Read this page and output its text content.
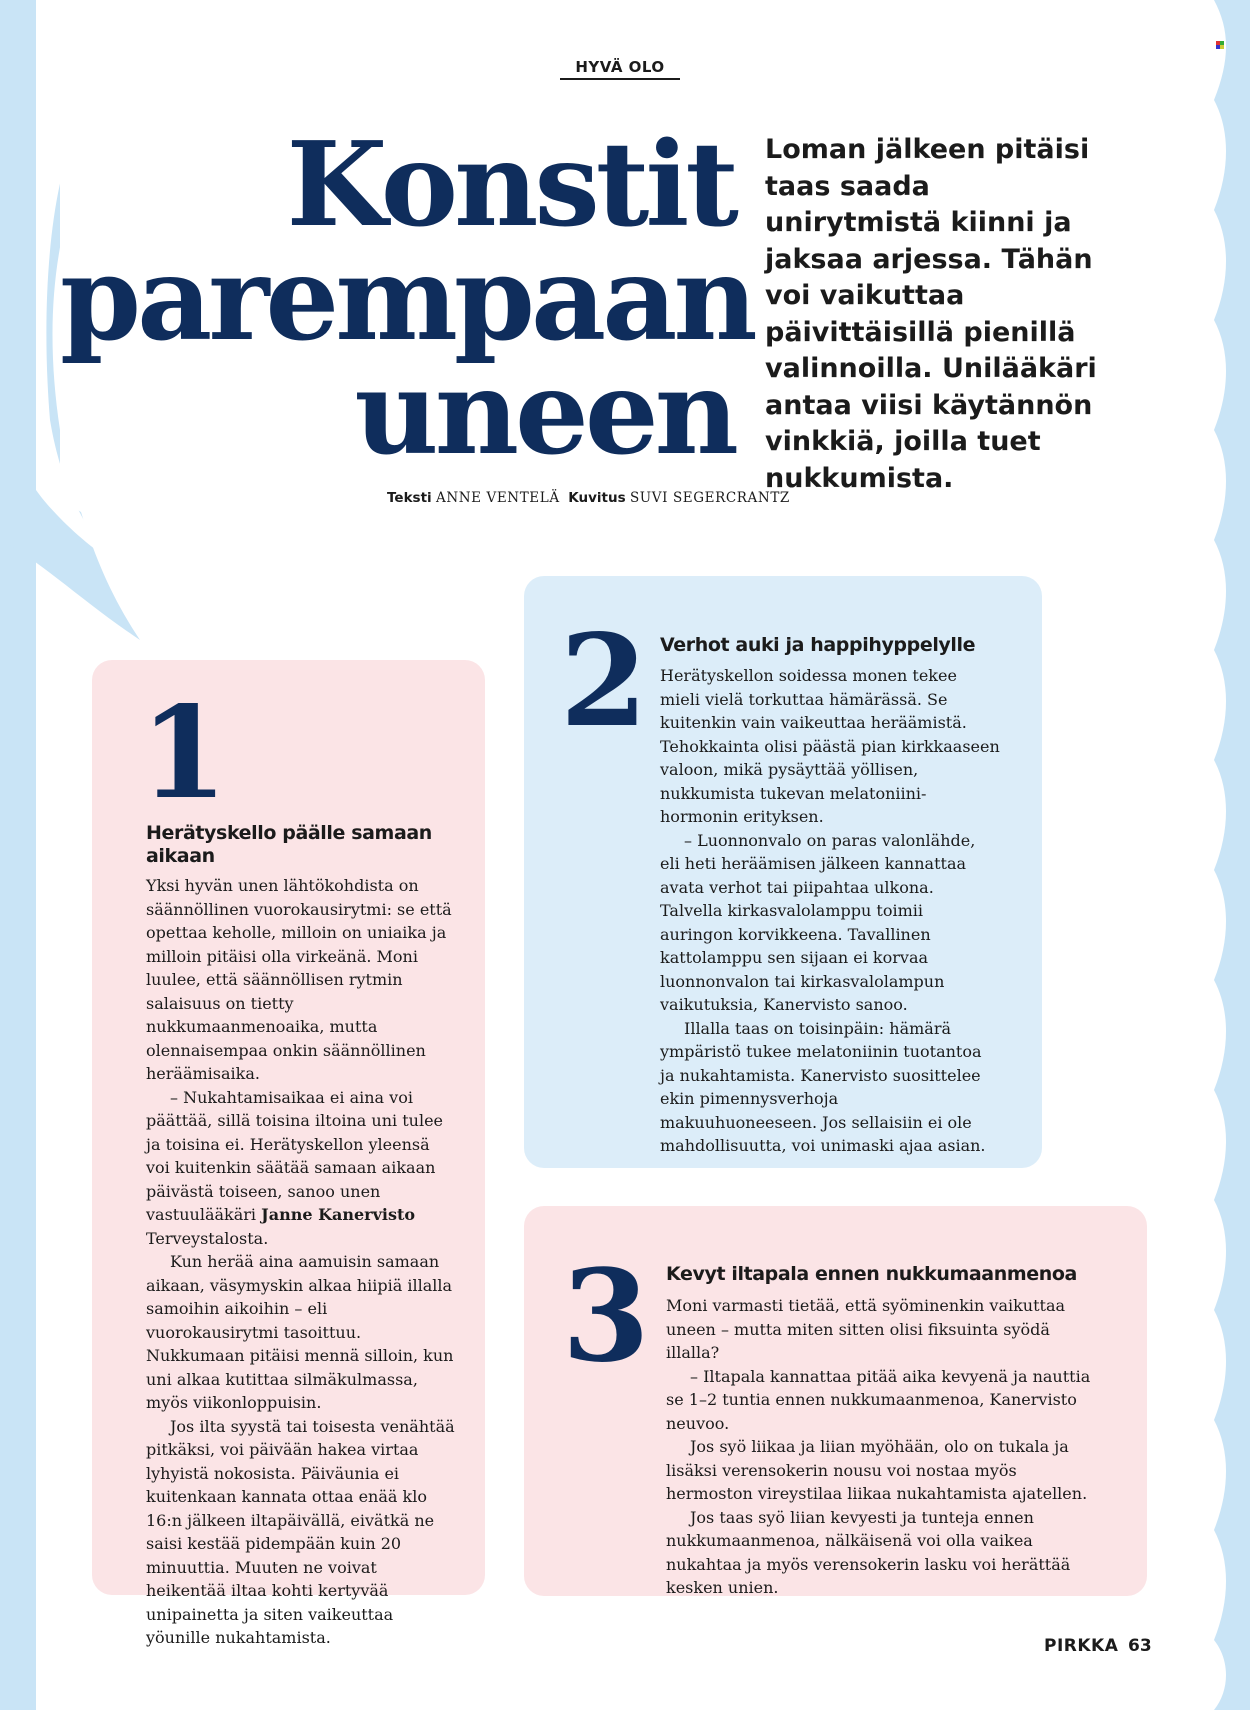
HYVÄ OLO
Konstit
parempaan
uneen

Loman jälkeen pitäisi taas saada unirytmistä kiinni ja jaksaa arjessa. Tähän voi vaikuttaa päivittäisillä pienillä valinnoilla. Unilääkäri antaa viisi käytännön vinkkiä, joilla tuet nukkumista.

Teksti ANNE VENTELÄ Kuvitus SUVI SEGERCRANTZ
1
Herätyskello päälle samaan aikaan

Yksi hyvän unen lähtökohdista on säännöllinen vuorokausirytmi: se että opettaa keholle, milloin on uniaika ja milloin pitäisi olla virkeänä. Moni luulee, että säännöllisen rytmin salaisuus on tietty nukkumaanmenoaika, mutta olennaisempaa onkin säännöllinen heräämisaika.

– Nukahtamisaikaa ei aina voi päättää, sillä toisina iltoina uni tulee ja toisina ei. Herätyskellon yleensä voi kuitenkin säätää samaan aikaan päivästä toiseen, sanoo unen vastuulääkäri Janne Kanervisto Terveystalosta.

Kun herää aina aamuisin samaan aikaan, väsymyskin alkaa hiipiä illalla samoihin aikoihin – eli vuorokausirytmi tasoittuu. Nukkumaan pitäisi mennä silloin, kun uni alkaa kutittaa silmäkulmassa, myös viikonloppuisin.

Jos ilta syystä tai toisesta venähtää pitkäksi, voi päivään hakea virtaa lyhyistä nokosista. Päiväunia ei kuitenkaan kannata ottaa enää klo 16:n jälkeen iltapäivällä, eivätkä ne saisi kestää pidempään kuin 20 minuuttia. Muuten ne voivat heikentää iltaa kohti kertyvää unipainetta ja siten vaikeuttaa yöunille nukahtamista.

2 Verhot auki ja happihyppelylle

Herätyskellon soidessa monen tekee mieli vielä torkuttaa hämärässä. Se kuitenkin vain vaikeuttaa heräämistä. Tehokkainta olisi päästä pian kirkkaaseen valoon, mikä pysäyttää yöllisen, nukkumista tukevan melatoniini-hormonin erityksen.

– Luonnonvalo on paras valonlähde, eli heti heräämisen jälkeen kannattaa avata verhot tai piipahtaa ulkona. Talvella kirkasvalolamppu toimii auringon korvikkeena. Tavallinen kattolamppu sen sijaan ei korvaa luonnonvalon tai kirkasvalolampun vaikutuksia, Kanervisto sanoo.

Illalla taas on toisinpäin: hämärä ympäristö tukee melatoniinin tuotantoa ja nukahtamista. Kanervisto suosittelee ekin pimennysverhoja makuuhuoneeseen. Jos sellaisiin ei ole mahdollisuutta, voi unimaski ajaa asian.

3 Kevyt iltapala ennen nukkumaanmenoa

Moni varmasti tietää, että syöminenkin vaikuttaa uneen – mutta miten sitten olisi fiksuinta syödä illalla?

– Iltapala kannattaa pitää aika kevyenä ja nauttia se 1–2 tuntia ennen nukkumaanmenoa, Kanervisto neuvoo.

Jos syö liikaa ja liian myöhään, olo on tukala ja lisäksi verensokerin nousu voi nostaa myös hermoston vireystilaa liikaa nukahtamista ajatellen.

Jos taas syö liian kevyesti ja tunteja ennen nukkumaanmenoa, nälkäisenä voi olla vaikea nukahtaa ja myös verensokerin lasku voi herättää kesken unien.

PIRKKA 63
